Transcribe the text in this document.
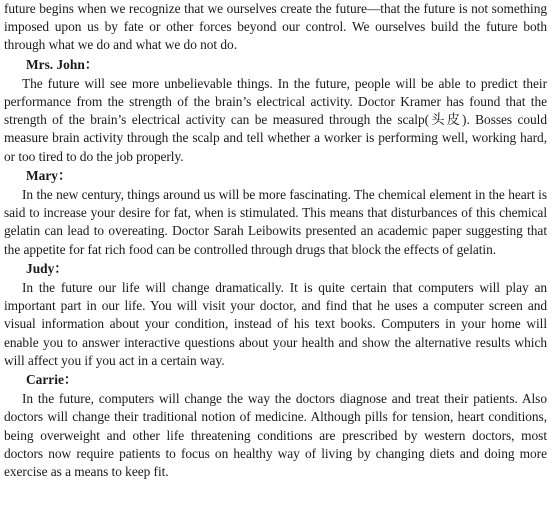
future begins when we recognize that we ourselves create the future—that the future is not something imposed upon us by fate or other forces beyond our control. We ourselves build the future both through what we do and what we do not do.

Mrs. John：

The future will see more unbelievable things. In the future, people will be able to predict their performance from the strength of the brain’s electrical activity. Doctor Kramer has found that the strength of the brain’s electrical activity can be measured through the scalp(头皮). Bosses could measure brain activity through the scalp and tell whether a worker is performing well, working hard, or too tired to do the job properly.

Mary：

In the new century, things around us will be more fascinating. The chemical element in the heart is said to increase your desire for fat, when is stimulated. This means that disturbances of this chemical gelatin can lead to overeating. Doctor Sarah Leibowits presented an academic paper suggesting that the appetite for fat rich food can be controlled through drugs that block the effects of gelatin.

Judy：

In the future our life will change dramatically. It is quite certain that computers will play an important part in our life. You will visit your doctor, and find that he uses a computer screen and visual information about your condition, instead of his text books. Computers in your home will enable you to answer interactive questions about your health and show the alternative results which will affect you if you act in a certain way.

Carrie：

In the future, computers will change the way the doctors diagnose and treat their patients. Also doctors will change their traditional notion of medicine. Although pills for tension, heart conditions, being overweight and other life threatening conditions are prescribed by western doctors, most doctors now require patients to focus on healthy way of living by changing diets and doing more exercise as a means to keep fit.
